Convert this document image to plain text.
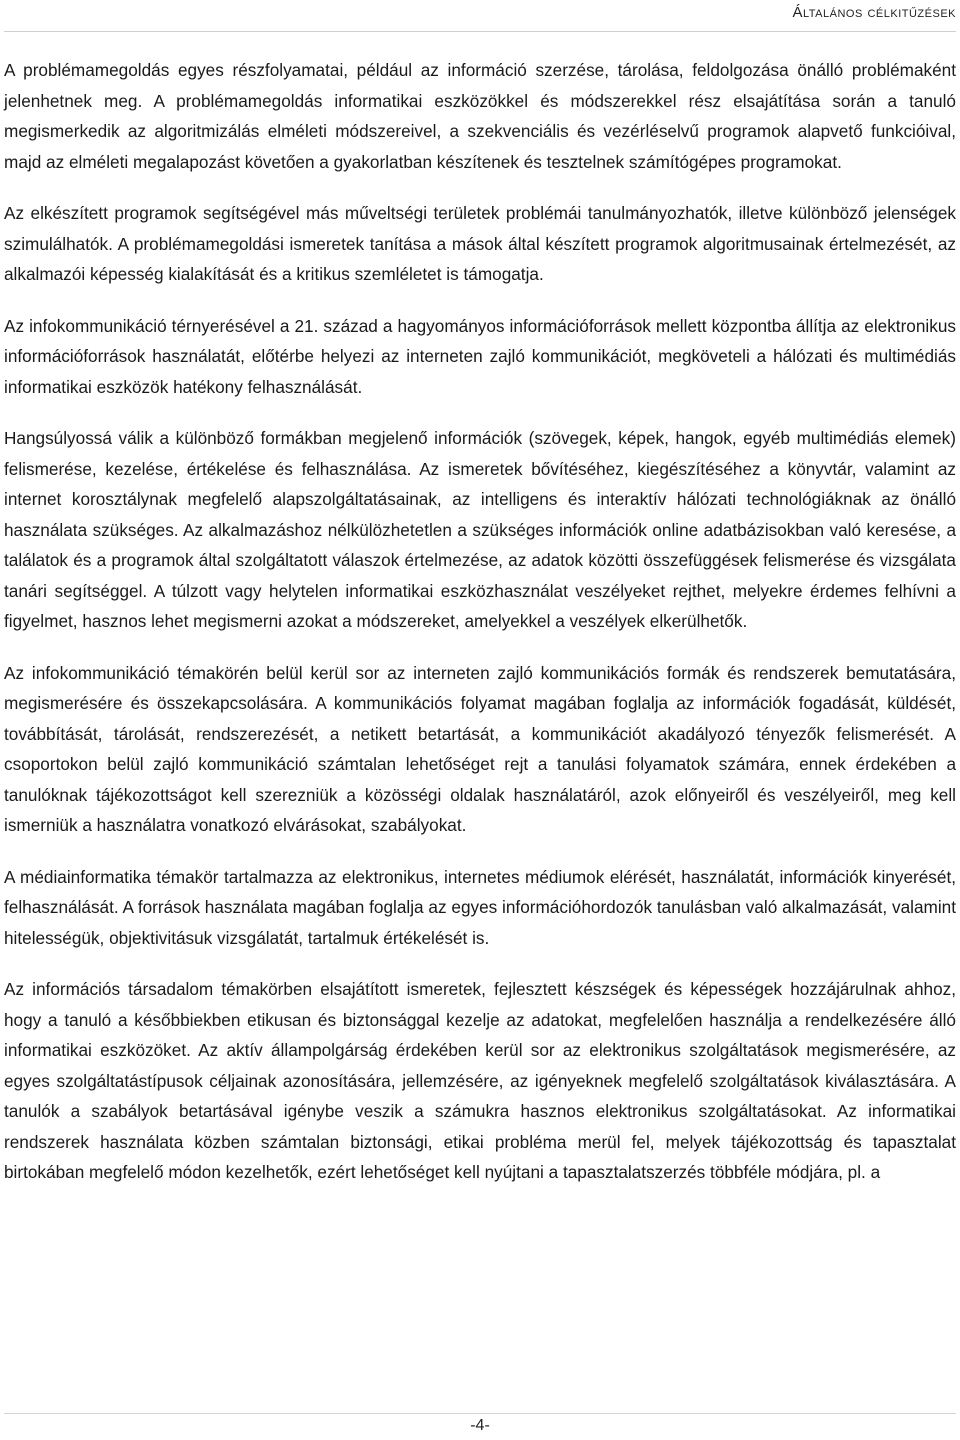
Általános célkitűzések

A problémamegoldás egyes részfolyamatai, például az információ szerzése, tárolása, feldolgozása önálló problémaként jelenhetnek meg. A problémamegoldás informatikai eszközökkel és módszerekkel rész elsajátítása során a tanuló megismerkedik az algoritmizálás elméleti módszereivel, a szekvenciális és vezérléselvű programok alapvető funkcióival, majd az elméleti megalapozást követően a gyakorlatban készítenek és tesztelnek számítógépes programokat.

Az elkészített programok segítségével más műveltségi területek problémái tanulmányozhatók, illetve különböző jelenségek szimulálhatók. A problémamegoldási ismeretek tanítása a mások által készített programok algoritmusainak értelmezését, az alkalmazói képesség kialakítását és a kritikus szemléletet is támogatja.

Az infokommunikáció térnyerésével a 21. század a hagyományos információforrások mellett központba állítja az elektronikus információforrások használatát, előtérbe helyezi az interneten zajló kommunikációt, megköveteli a hálózati és multimédiás informatikai eszközök hatékony felhasználását.

Hangsúlyossá válik a különböző formákban megjelenő információk (szövegek, képek, hangok, egyéb multimédiás elemek) felismerése, kezelése, értékelése és felhasználása. Az ismeretek bővítéséhez, kiegészítéséhez a könyvtár, valamint az internet korosztálynak megfelelő alapszolgáltatásainak, az intelligens és interaktív hálózati technológiáknak az önálló használata szükséges. Az alkalmazáshoz nélkülözhetetlen a szükséges információk online adatbázisokban való keresése, a találatok és a programok által szolgáltatott válaszok értelmezése, az adatok közötti összefüggések felismerése és vizsgálata tanári segítséggel. A túlzott vagy helytelen informatikai eszközhasználat veszélyeket rejthet, melyekre érdemes felhívni a figyelmet, hasznos lehet megismerni azokat a módszereket, amelyekkel a veszélyek elkerülhetők.

Az infokommunikáció témakörén belül kerül sor az interneten zajló kommunikációs formák és rendszerek bemutatására, megismerésére és összekapcsolására. A kommunikációs folyamat magában foglalja az információk fogadását, küldését, továbbítását, tárolását, rendszerezését, a netikett betartását, a kommunikációt akadályozó tényezők felismerését. A csoportokon belül zajló kommunikáció számtalan lehetőséget rejt a tanulási folyamatok számára, ennek érdekében a tanulóknak tájékozottságot kell szerezniük a közösségi oldalak használatáról, azok előnyeiről és veszélyeiről, meg kell ismerniük a használatra vonatkozó elvárásokat, szabályokat.

A médiainformatika témakör tartalmazza az elektronikus, internetes médiumok elérését, használatát, információk kinyerését, felhasználását. A források használata magában foglalja az egyes információhordozók tanulásban való alkalmazását, valamint hitelességük, objektivitásuk vizsgálatát, tartalmuk értékelését is.

Az információs társadalom témakörben elsajátított ismeretek, fejlesztett készségek és képességek hozzájárulnak ahhoz, hogy a tanuló a későbbiekben etikusan és biztonsággal kezelje az adatokat, megfelelően használja a rendelkezésére álló informatikai eszközöket. Az aktív állampolgárság érdekében kerül sor az elektronikus szolgáltatások megismerésére, az egyes szolgáltatástípusok céljainak azonosítására, jellemzésére, az igényeknek megfelelő szolgáltatások kiválasztására. A tanulók a szabályok betartásával igénybe veszik a számukra hasznos elektronikus szolgáltatásokat. Az informatikai rendszerek használata közben számtalan biztonsági, etikai probléma merül fel, melyek tájékozottság és tapasztalat birtokában megfelelő módon kezelhetők, ezért lehetőséget kell nyújtani a tapasztalatszerzés többféle módjára, pl. a

-4-
